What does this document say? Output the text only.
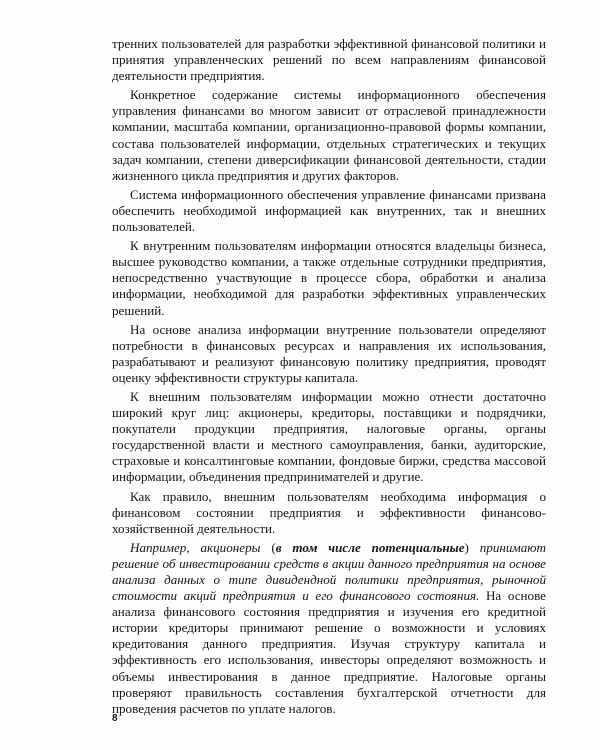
тренних пользователей для разработки эффективной финансовой политики и принятия управленческих решений по всем направлениям финансовой деятельности предприятия.

Конкретное содержание системы информационного обеспечения управления финансами во многом зависит от отраслевой принадлежности компании, масштаба компании, организационно-правовой формы компании, состава пользователей информации, отдельных стратегических и текущих задач компании, степени диверсификации финансовой деятельности, стадии жизненного цикла предприятия и других факторов.

Система информационного обеспечения управление финансами призвана обеспечить необходимой информацией как внутренних, так и внешних пользователей.

К внутренним пользователям информации относятся владельцы бизнеса, высшее руководство компании, а также отдельные сотрудники предприятия, непосредственно участвующие в процессе сбора, обработки и анализа информации, необходимой для разработки эффективных управленческих решений.

На основе анализа информации внутренние пользователи определяют потребности в финансовых ресурсах и направления их использования, разрабатывают и реализуют финансовую политику предприятия, проводят оценку эффективности структуры капитала.

К внешним пользователям информации можно отнести достаточно широкий круг лиц: акционеры, кредиторы, поставщики и подрядчики, покупатели продукции предприятия, налоговые органы, органы государственной власти и местного самоуправления, банки, аудиторские, страховые и консалтинговые компании, фондовые биржи, средства массовой информации, объединения предпринимателей и другие.

Как правило, внешним пользователям необходима информация о финансовом состоянии предприятия и эффективности финансово-хозяйственной деятельности.

Например, акционеры (в том числе потенциальные) принимают решение об инвестировании средств в акции данного предприятия на основе анализа данных о типе дивидендной политики предприятия, рыночной стоимости акций предприятия и его финансового состояния. На основе анализа финансового состояния предприятия и изучения его кредитной истории кредиторы принимают решение о возможности и условиях кредитования данного предприятия. Изучая структуру капитала и эффективность его использования, инвесторы определяют возможность и объемы инвестирования в данное предприятие. Налоговые органы проверяют правильность составления бухгалтерской отчетности для проведения расчетов по уплате налогов.

8
